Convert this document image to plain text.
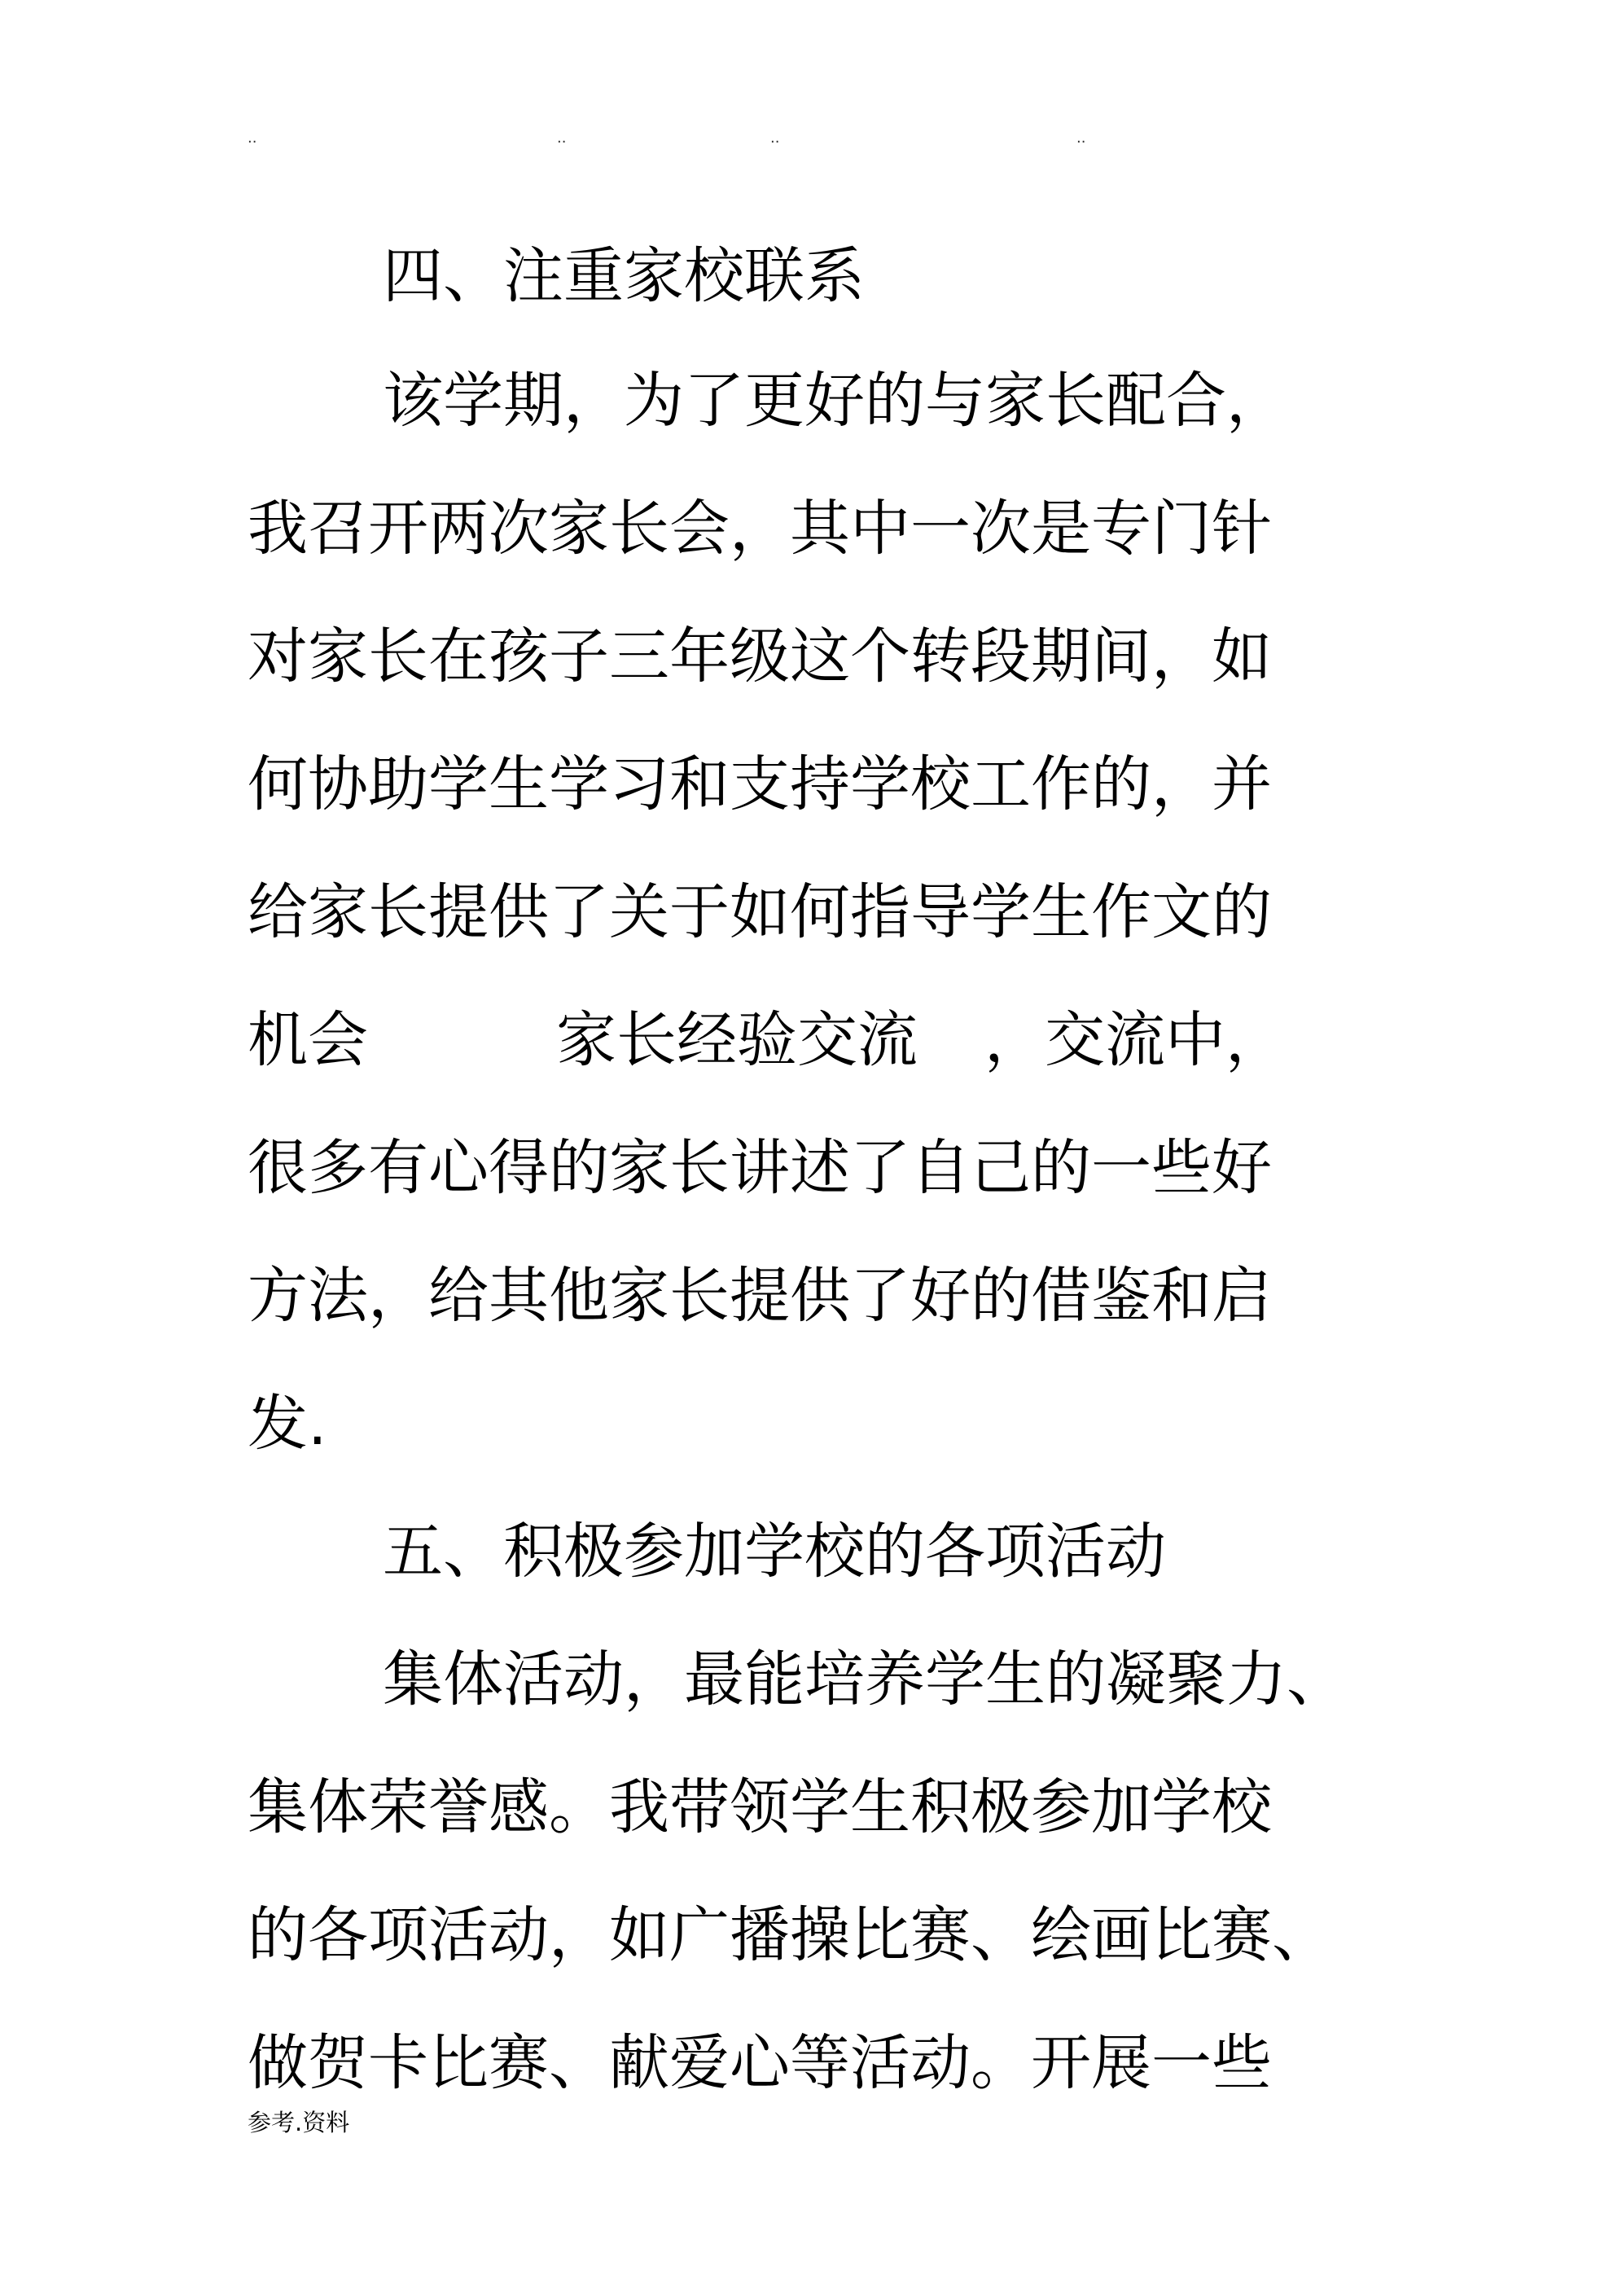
..	..	..	..
四、注重家校联系
该学期，为了更好的与家长配合，
我召开两次家长会，其中一次是专门针
对家长在孩子三年级这个转段期间，如
何协助学生学习和支持学校工作的，并
给家长提供了关于如何指导学生作文的
机会	家长经验交流 ，交流中，
很多有心得的家长讲述了自己的一些好
方法，给其他家长提供了好的借鉴和启
发.
五、积极参加学校的各项活动
集体活动，最能培养学生的凝聚力、
集体荣誉感。我带领学生积极参加学校
的各项活动，如广播操比赛、绘画比赛、
做贺卡比赛、献爱心等活动。开展一些
参考.资料
